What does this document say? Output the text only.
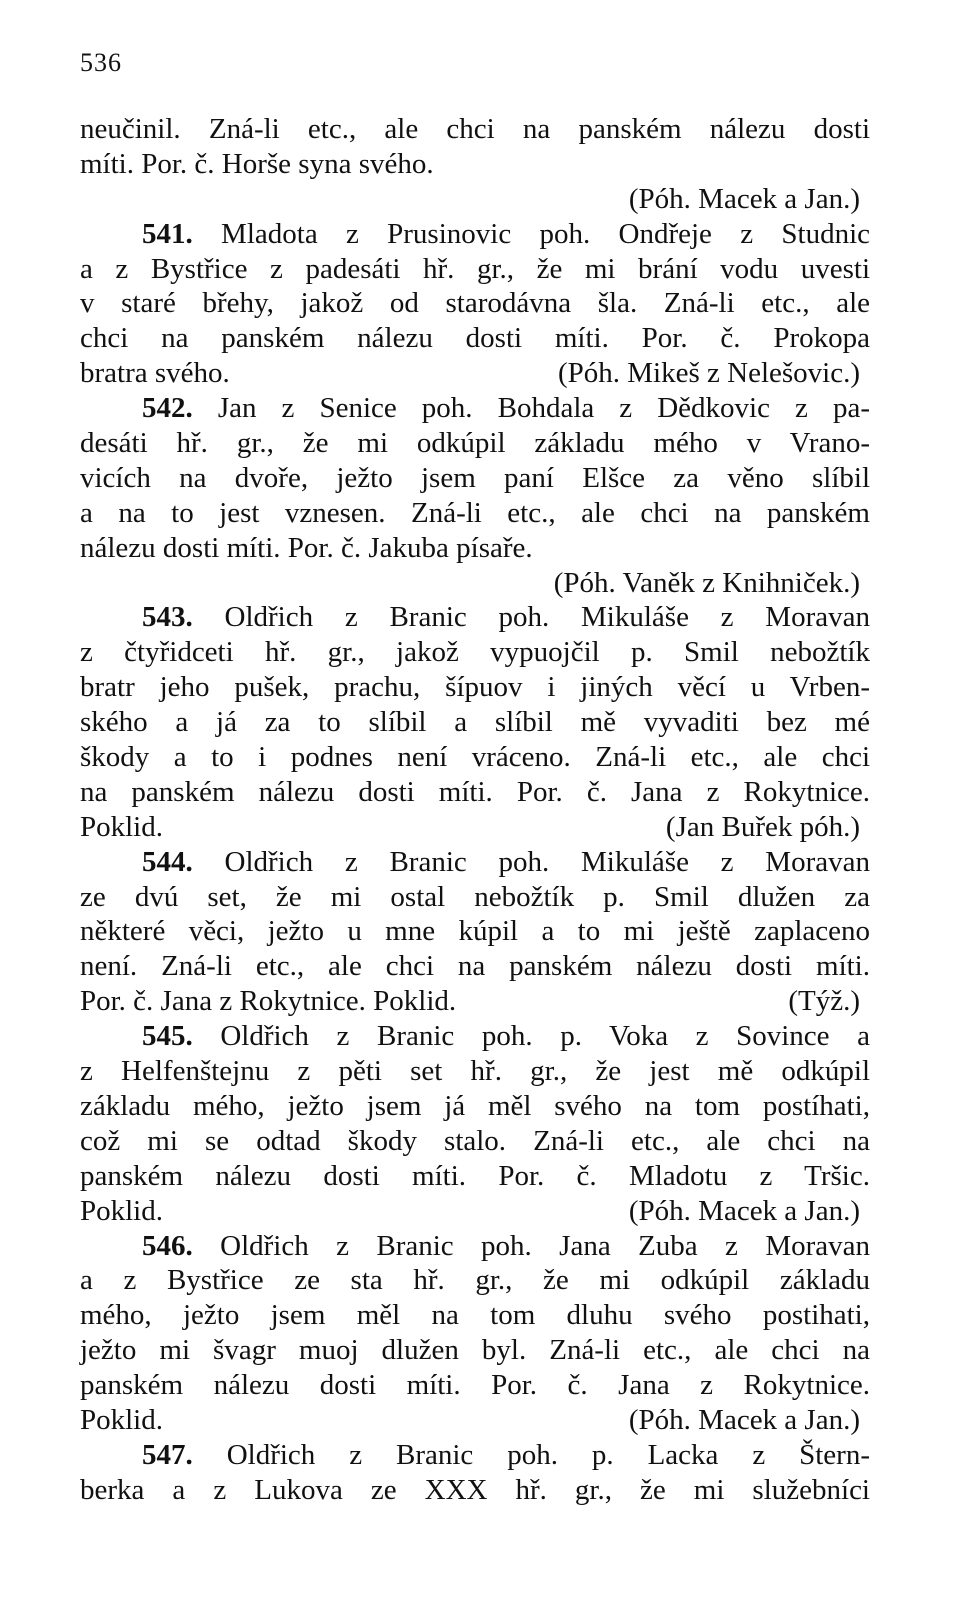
536
neučinil. Zná-li etc., ale chci na panském nálezu dosti
míti. Por. č. Horše syna svého.
(Póh. Macek a Jan.)
541. Mladota z Prusinovic poh. Ondřeje z Studnic
a z Bystřice z padesáti hř. gr., že mi brání vodu uvesti
v staré břehy, jakož od starodávna šla. Zná-li etc., ale
chci na panském nálezu dosti míti. Por. č. Prokopa
bratra svého.	(Póh. Mikeš z Nelešovic.)
542. Jan z Senice poh. Bohdala z Dědkovic z pa-
desáti hř. gr., že mi odkúpil základu mého v Vrano-
vicích na dvoře, ježto jsem paní Elšce za věno slíbil
a na to jest vznesen. Zná-li etc., ale chci na panském
nálezu dosti míti. Por. č. Jakuba písaře.
(Póh. Vaněk z Knihniček.)
543. Oldřich z Branic poh. Mikuláše z Moravan
z čtyřidceti hř. gr., jakož vypuojčil p. Smil nebožtík
bratr jeho pušek, prachu, šípuov i jiných věcí u Vrben-
ského a já za to slíbil a slíbil mě vyvaditi bez mé
škody a to i podnes není vráceno. Zná-li etc., ale chci
na panském nálezu dosti míti. Por. č. Jana z Rokytnice.
Poklid.	(Jan Buřek póh.)
544. Oldřich z Branic poh. Mikuláše z Moravan
ze dvú set, že mi ostal nebožtík p. Smil dlužen za
některé věci, ježto u mne kúpil a to mi ještě zaplaceno
není. Zná-li etc., ale chci na panském nálezu dosti míti.
Por. č. Jana z Rokytnice. Poklid.	(Týž.)
545. Oldřich z Branic poh. p. Voka z Sovince a
z Helfenštejnu z pěti set hř. gr., že jest mě odkúpil
základu mého, ježto jsem já měl svého na tom postíhati,
což mi se odtad škody stalo. Zná-li etc., ale chci na
panském nálezu dosti míti. Por. č. Mladotu z Tršic.
Poklid.	(Póh. Macek a Jan.)
546. Oldřich z Branic poh. Jana Zuba z Moravan
a z Bystřice ze sta hř. gr., že mi odkúpil základu
mého, ježto jsem měl na tom dluhu svého postihati,
ježto mi švagr muoj dlužen byl. Zná-li etc., ale chci na
panském nálezu dosti míti. Por. č. Jana z Rokytnice.
Poklid.	(Póh. Macek a Jan.)
547. Oldřich z Branic poh. p. Lacka z Štern-
berka a z Lukova ze XXX hř. gr., že mi služebníci
